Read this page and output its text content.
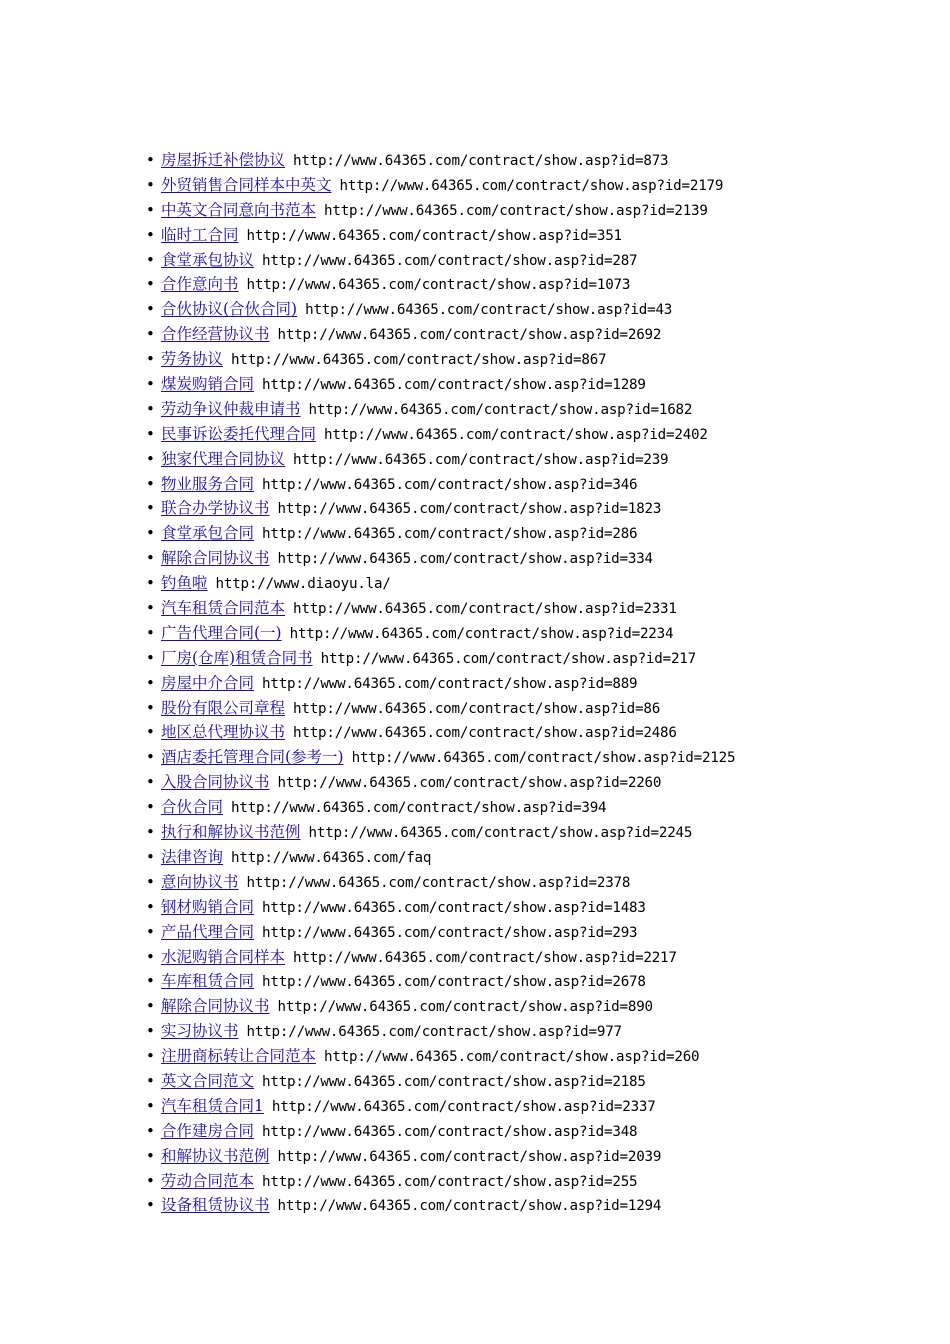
• 房屋拆迁补偿协议 http://www.64365.com/contract/show.asp?id=873
• 外贸销售合同样本中英文 http://www.64365.com/contract/show.asp?id=2179
• 中英文合同意向书范本 http://www.64365.com/contract/show.asp?id=2139
• 临时工合同 http://www.64365.com/contract/show.asp?id=351
• 食堂承包协议 http://www.64365.com/contract/show.asp?id=287
• 合作意向书 http://www.64365.com/contract/show.asp?id=1073
• 合伙协议(合伙合同) http://www.64365.com/contract/show.asp?id=43
• 合作经营协议书 http://www.64365.com/contract/show.asp?id=2692
• 劳务协议 http://www.64365.com/contract/show.asp?id=867
• 煤炭购销合同 http://www.64365.com/contract/show.asp?id=1289
• 劳动争议仲裁申请书 http://www.64365.com/contract/show.asp?id=1682
• 民事诉讼委托代理合同 http://www.64365.com/contract/show.asp?id=2402
• 独家代理合同协议 http://www.64365.com/contract/show.asp?id=239
• 物业服务合同 http://www.64365.com/contract/show.asp?id=346
• 联合办学协议书 http://www.64365.com/contract/show.asp?id=1823
• 食堂承包合同 http://www.64365.com/contract/show.asp?id=286
• 解除合同协议书 http://www.64365.com/contract/show.asp?id=334
• 钓鱼啦 http://www.diaoyu.la/
• 汽车租赁合同范本 http://www.64365.com/contract/show.asp?id=2331
• 广告代理合同(一) http://www.64365.com/contract/show.asp?id=2234
• 厂房(仓库)租赁合同书 http://www.64365.com/contract/show.asp?id=217
• 房屋中介合同 http://www.64365.com/contract/show.asp?id=889
• 股份有限公司章程 http://www.64365.com/contract/show.asp?id=86
• 地区总代理协议书 http://www.64365.com/contract/show.asp?id=2486
• 酒店委托管理合同(参考一) http://www.64365.com/contract/show.asp?id=2125
• 入股合同协议书 http://www.64365.com/contract/show.asp?id=2260
• 合伙合同 http://www.64365.com/contract/show.asp?id=394
• 执行和解协议书范例 http://www.64365.com/contract/show.asp?id=2245
• 法律咨询 http://www.64365.com/faq
• 意向协议书 http://www.64365.com/contract/show.asp?id=2378
• 钢材购销合同 http://www.64365.com/contract/show.asp?id=1483
• 产品代理合同 http://www.64365.com/contract/show.asp?id=293
• 水泥购销合同样本 http://www.64365.com/contract/show.asp?id=2217
• 车库租赁合同 http://www.64365.com/contract/show.asp?id=2678
• 解除合同协议书 http://www.64365.com/contract/show.asp?id=890
• 实习协议书 http://www.64365.com/contract/show.asp?id=977
• 注册商标转让合同范本 http://www.64365.com/contract/show.asp?id=260
• 英文合同范文 http://www.64365.com/contract/show.asp?id=2185
• 汽车租赁合同1 http://www.64365.com/contract/show.asp?id=2337
• 合作建房合同 http://www.64365.com/contract/show.asp?id=348
• 和解协议书范例 http://www.64365.com/contract/show.asp?id=2039
• 劳动合同范本 http://www.64365.com/contract/show.asp?id=255
• 设备租赁协议书 http://www.64365.com/contract/show.asp?id=1294
